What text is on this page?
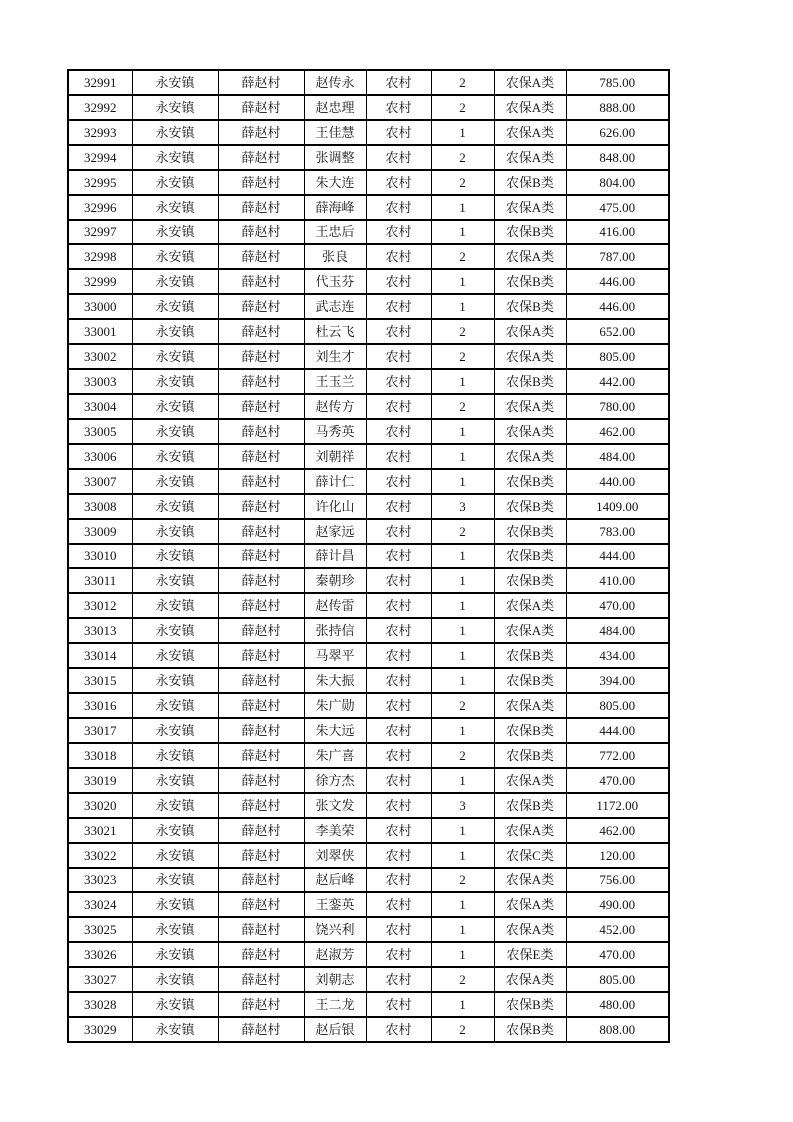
32991	永安镇	薛赵村	赵传永	农村	2	农保A类	785.00
32992	永安镇	薛赵村	赵忠理	农村	2	农保A类	888.00
32993	永安镇	薛赵村	王佳慧	农村	1	农保A类	626.00
32994	永安镇	薛赵村	张调整	农村	2	农保A类	848.00
32995	永安镇	薛赵村	朱大连	农村	2	农保B类	804.00
32996	永安镇	薛赵村	薛海峰	农村	1	农保A类	475.00
32997	永安镇	薛赵村	王忠后	农村	1	农保B类	416.00
32998	永安镇	薛赵村	张良	农村	2	农保A类	787.00
32999	永安镇	薛赵村	代玉芬	农村	1	农保B类	446.00
33000	永安镇	薛赵村	武志连	农村	1	农保B类	446.00
33001	永安镇	薛赵村	杜云飞	农村	2	农保A类	652.00
33002	永安镇	薛赵村	刘生才	农村	2	农保A类	805.00
33003	永安镇	薛赵村	王玉兰	农村	1	农保B类	442.00
33004	永安镇	薛赵村	赵传方	农村	2	农保A类	780.00
33005	永安镇	薛赵村	马秀英	农村	1	农保A类	462.00
33006	永安镇	薛赵村	刘朝祥	农村	1	农保A类	484.00
33007	永安镇	薛赵村	薛计仁	农村	1	农保B类	440.00
33008	永安镇	薛赵村	许化山	农村	3	农保B类	1409.00
33009	永安镇	薛赵村	赵家远	农村	2	农保B类	783.00
33010	永安镇	薛赵村	薛计昌	农村	1	农保B类	444.00
33011	永安镇	薛赵村	秦朝珍	农村	1	农保B类	410.00
33012	永安镇	薛赵村	赵传雷	农村	1	农保A类	470.00
33013	永安镇	薛赵村	张持信	农村	1	农保A类	484.00
33014	永安镇	薛赵村	马翠平	农村	1	农保B类	434.00
33015	永安镇	薛赵村	朱大振	农村	1	农保B类	394.00
33016	永安镇	薛赵村	朱广勋	农村	2	农保A类	805.00
33017	永安镇	薛赵村	朱大远	农村	1	农保B类	444.00
33018	永安镇	薛赵村	朱广喜	农村	2	农保B类	772.00
33019	永安镇	薛赵村	徐方杰	农村	1	农保A类	470.00
33020	永安镇	薛赵村	张文发	农村	3	农保B类	1172.00
33021	永安镇	薛赵村	李美荣	农村	1	农保A类	462.00
33022	永安镇	薛赵村	刘翠侠	农村	1	农保C类	120.00
33023	永安镇	薛赵村	赵后峰	农村	2	农保A类	756.00
33024	永安镇	薛赵村	王銮英	农村	1	农保A类	490.00
33025	永安镇	薛赵村	饶兴利	农村	1	农保A类	452.00
33026	永安镇	薛赵村	赵淑芳	农村	1	农保E类	470.00
33027	永安镇	薛赵村	刘朝志	农村	2	农保A类	805.00
33028	永安镇	薛赵村	王二龙	农村	1	农保B类	480.00
33029	永安镇	薛赵村	赵后银	农村	2	农保B类	808.00
